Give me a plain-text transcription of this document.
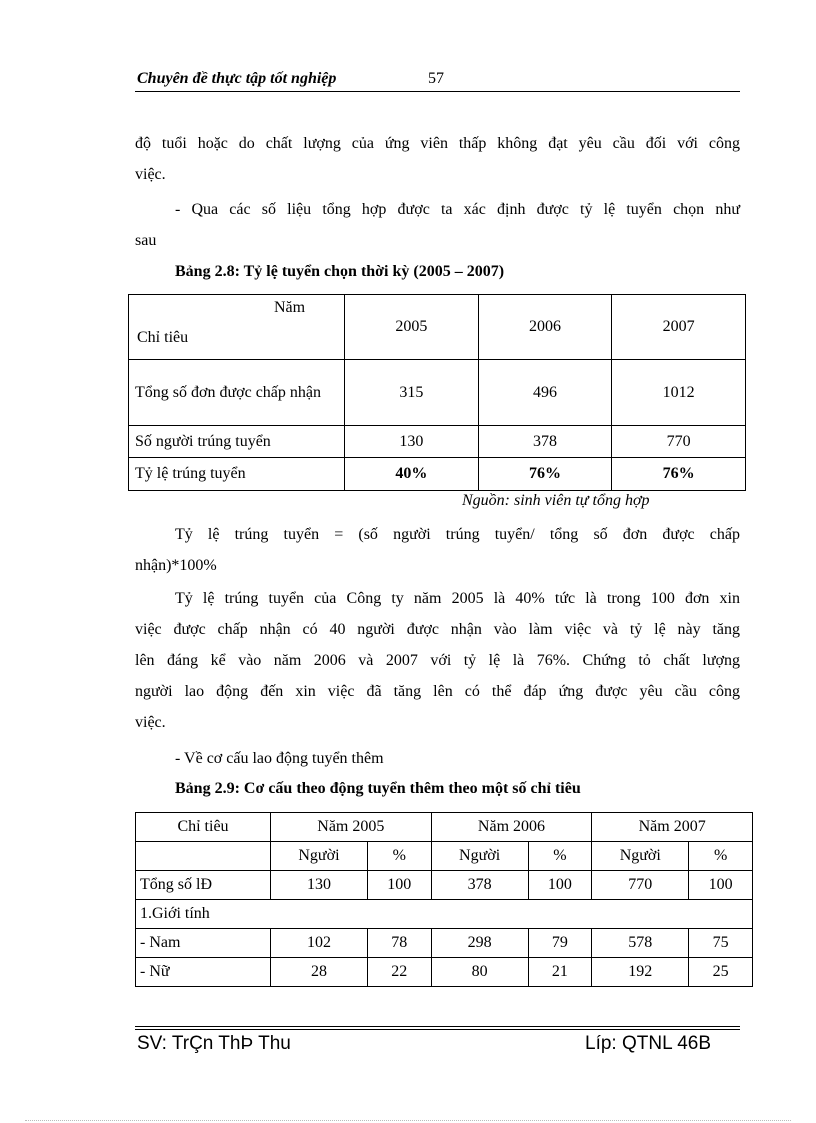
Chuyên đề thực tập tốt nghiệp	57
độ tuổi hoặc do chất lượng của ứng viên thấp không đạt yêu cầu đối với công
việc.
- Qua các số liệu tổng hợp được ta xác định được tỷ lệ tuyển chọn như
sau
Bảng 2.8: Tỷ lệ tuyển chọn thời kỳ (2005 – 2007)
Năm
Chỉ tiêu	2005	2006	2007
Tổng số đơn được chấp nhận	315	496	1012
Số người trúng tuyển	130	378	770
Tỷ lệ trúng tuyển	40%	76%	76%
Nguồn: sinh viên tự tổng hợp
Tỷ lệ trúng tuyển = (số người trúng tuyển/ tổng số đơn được chấp
nhận)*100%
Tỷ lệ trúng tuyển của Công ty năm 2005 là 40% tức là trong 100 đơn xin
việc được chấp nhận có 40 người được nhận vào làm việc và tỷ lệ này tăng
lên đáng kể vào năm 2006 và 2007 với tỷ lệ là 76%. Chứng tỏ chất lượng
người lao động đến xin việc đã tăng lên có thể đáp ứng được yêu cầu công
việc.
- Về cơ cấu lao động tuyển thêm
Bảng 2.9: Cơ cấu theo động tuyển thêm theo một số chỉ tiêu
Chỉ tiêu	Năm 2005		Năm 2006		Năm 2007	
	Người	%	Người	%	Người	%
Tổng số lĐ	130	100	378	100	770	100
1.Giới tính						
- Nam	102	78	298	79	578	75
- Nữ	28	22	80	21	192	25
SV: TrÇn ThÞ Thu	Líp: QTNL 46B
